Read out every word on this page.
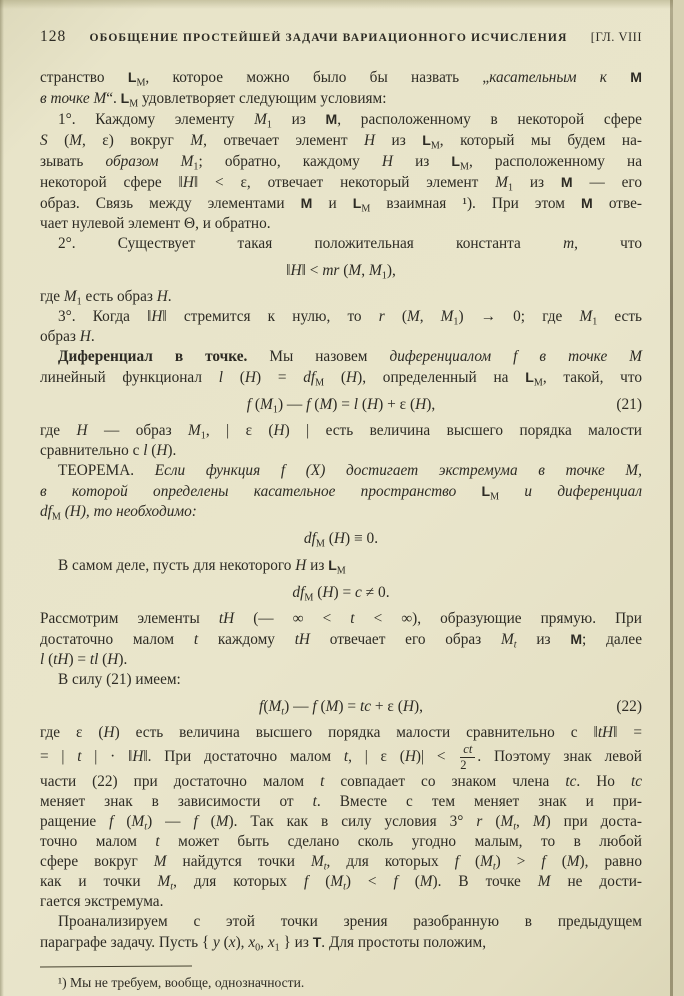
128	ОБОБЩЕНИЕ ПРОСТЕЙШЕЙ ЗАДАЧИ ВАРИАЦИОННОГО ИСЧИСЛЕНИЯ	[ГЛ. VIII
странство $L_М$, которое можно было бы назвать „касательным к M
в точке M“. $L_М$ удовлетворяет следующим условиям:
1°. Каждому элементу $M_1$ из M, расположенному в некоторой сфере
S (M, ε) вокруг M, отвечает элемент H из $L_М$, который мы будем на-
зывать образом $M_1$; обратно, каждому H из $L_М$, расположенному на
некоторой сфере ‖H‖ < ε, отвечает некоторый элемент $M_1$ из M — его
образ. Связь между элементами M и $L_М$ взаимная ¹). При этом M отве-
чает нулевой элемент Θ, и обратно.
2°. Существует такая положительная константа m, что
‖H‖ < mr (M, $M_1$),
где $M_1$ есть образ H.
3°. Когда ‖H‖ стремится к нулю, то r (M, $M_1) \to 0$; где $M_1$ есть
образ H.
Диференциал в точке. Мы назовем диференциалом f в точке M
линейный функционал l $(H) = df_М$ (H), определенный на $L_М$, такой, что
f $(M_1)$ — f (M) = l (H) + ε (H),	(21)
где H — образ $M_1$, | ε (H) | есть величина высшего порядка малости
сравнительно с l (H).
ТЕОРЕМА. Если функция f (X) достигает экстремума в точке M,
в которой определены касательное пространство $L_М$ и диференциал
$df_М$ (H), то необходимо:
$df_М$ (H) ≡ 0.
В самом деле, пусть для некоторого H из $L_М$
$df_М$ (H) = c ≠ 0.
Рассмотрим элементы tH (— ∞ < t < ∞), образующие прямую. При
достаточно малом t каждому tH отвечает его образ $M_t$ из M; далее
l (tH) = tl (H).
В силу (21) имеем:
$f(M_t)$ — f (M) = tc + ε (H),	(22)
где ε (H) есть величина высшего порядка малости сравнительно с ‖tH‖ =
= | t | · ‖H‖. При достаточно малом t, | ε $(H)| < \frac{ct}{2}$ . Поэтому знак левой
части (22) при достаточно малом t совпадает со знаком члена tc. Но tc
меняет знак в зависимости от t. Вместе с тем меняет знак и при-
ращение f $(M_t)$ — f (M). Так как в силу условия 3° r ($M_t$, M) при доста-
точно малом t может быть сделано сколь угодно малым, то в любой
сфере вокруг M найдутся точки $M_t$, для которых f $(M_t) > f$ (M), равно
как и точки $M_t$, для которых f $(M_t) < f$ (M). В точке M не дости-
гается экстремума.
Проанализируем с этой точки зрения разобранную в предыдущем
параграфе задачу. Пусть { y (x), $x_0$, $x_1$ } из T. Для простоты положим,
¹) Мы не требуем, вообще, однозначности.
